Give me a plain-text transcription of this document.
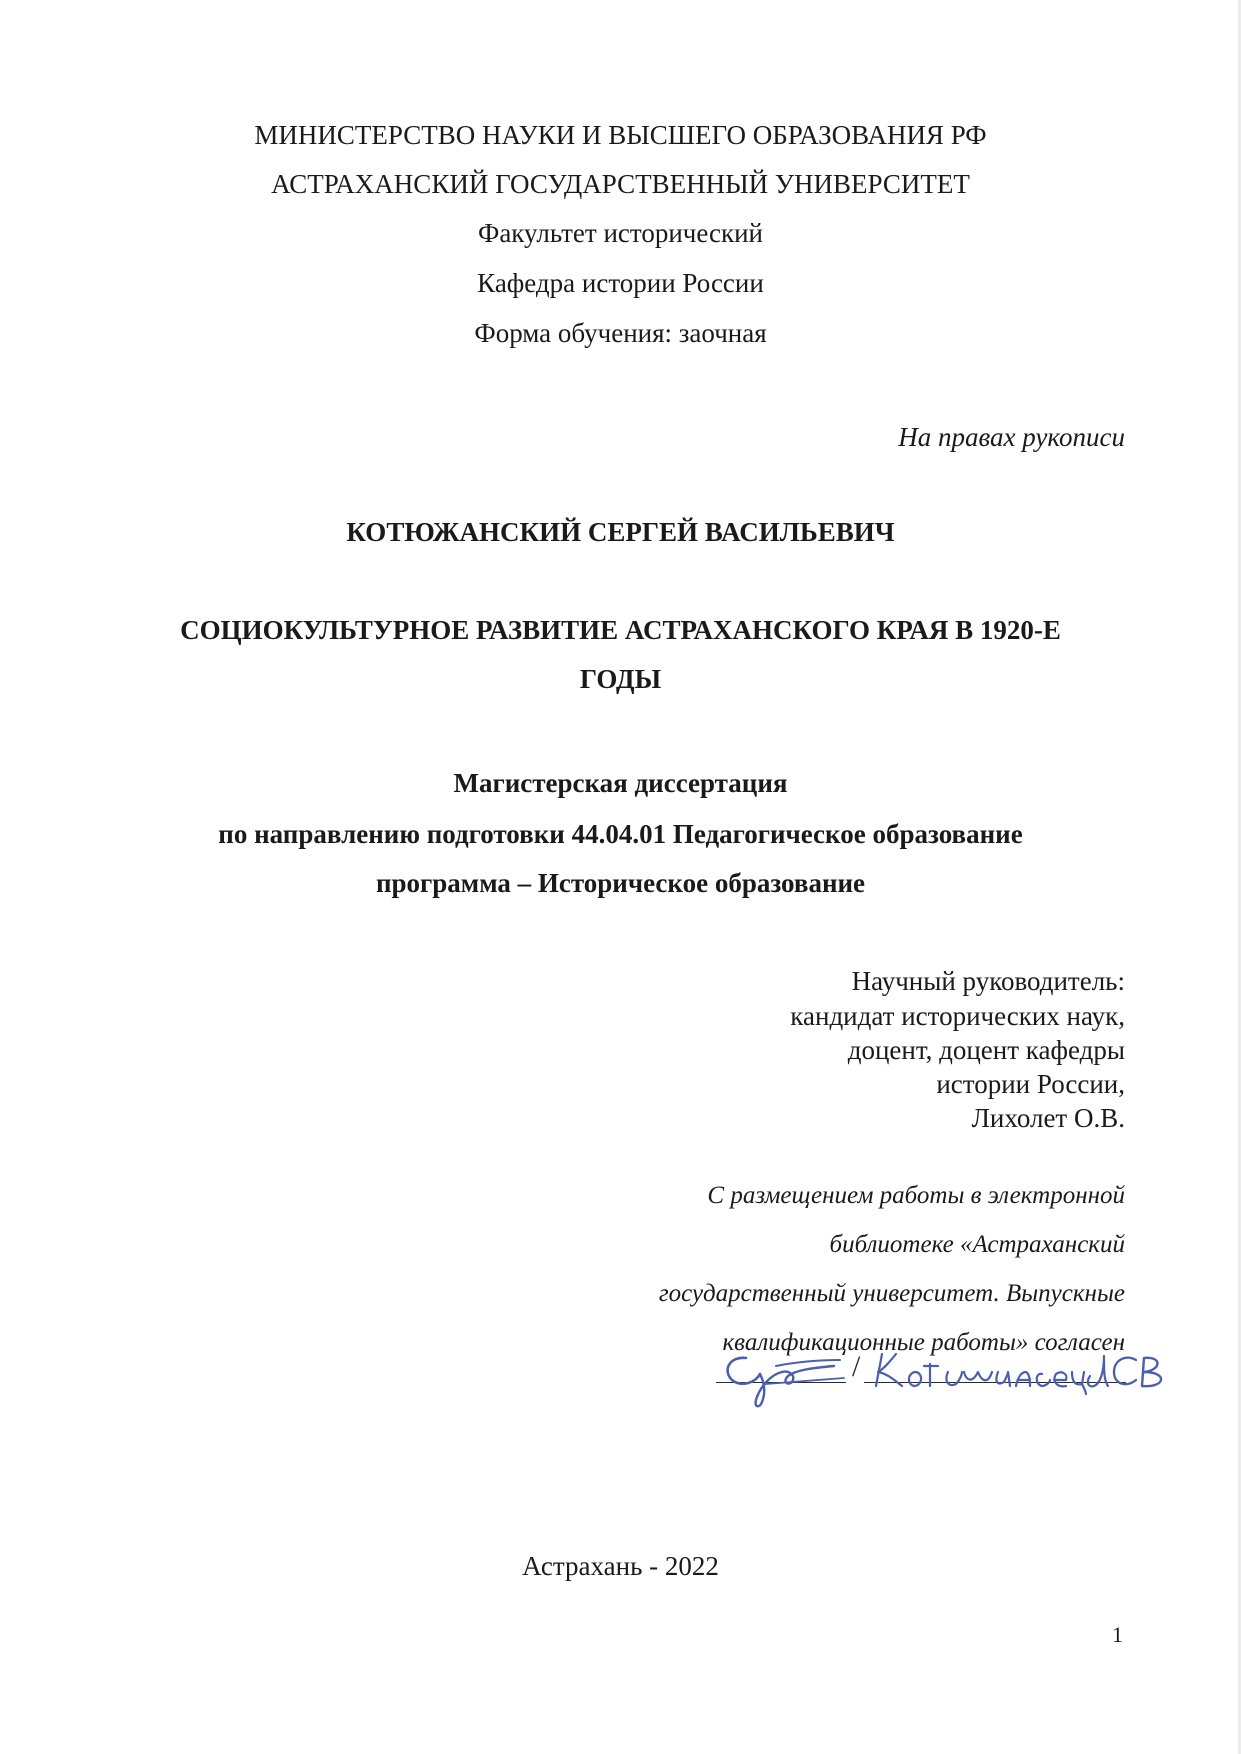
МИНИСТЕРСТВО НАУКИ И ВЫСШЕГО ОБРАЗОВАНИЯ РФ
АСТРАХАНСКИЙ ГОСУДАРСТВЕННЫЙ УНИВЕРСИТЕТ
Факультет исторический
Кафедра истории России
Форма обучения: заочная
На правах рукописи
КОТЮЖАНСКИЙ СЕРГЕЙ ВАСИЛЬЕВИЧ
СОЦИОКУЛЬТУРНОЕ РАЗВИТИЕ АСТРАХАНСКОГО КРАЯ В 1920-Е
ГОДЫ
Магистерская диссертация
по направлению подготовки 44.04.01 Педагогическое образование
программа – Историческое образование
Научный руководитель:
кандидат исторических наук,
доцент, доцент кафедры
истории России,
Лихолет О.В.
С размещением работы в электронной
библиотеке «Астраханский
государственный университет. Выпускные
квалификационные работы» согласен
/
Астрахань - 2022
1
